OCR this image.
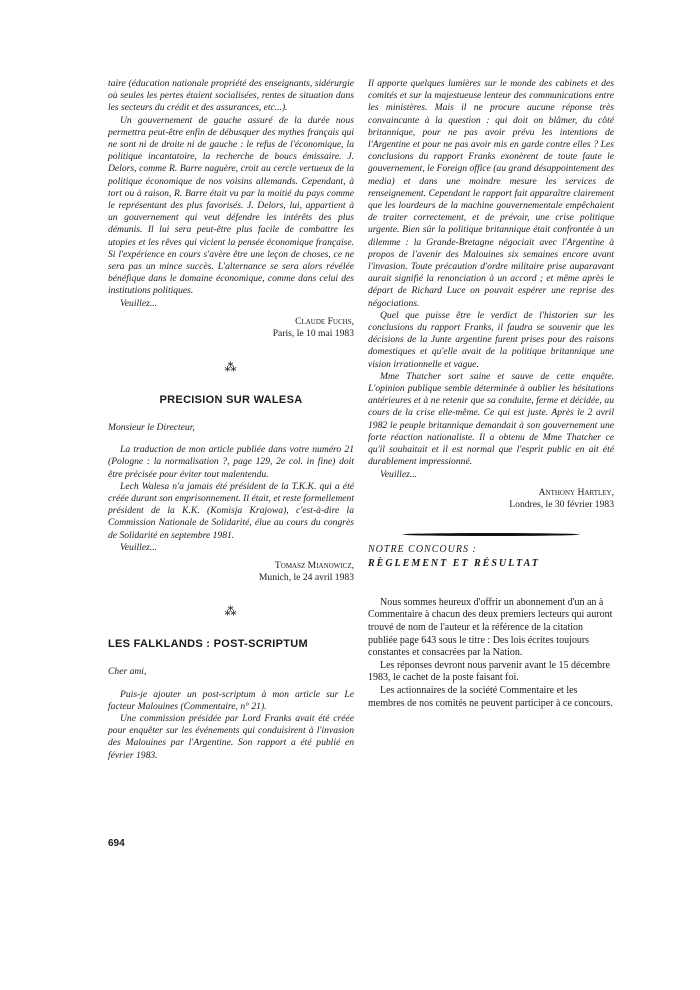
taire (éducation nationale propriété des enseignants, sidérurgie où seules les pertes étaient socialisées, rentes de situation dans les secteurs du crédit et des assurances, etc...).

Un gouvernement de gauche assuré de la durée nous permettra peut-être enfin de débusquer des mythes français qui ne sont ni de droite ni de gauche : le refus de l'économique, la politique incantatoire, la recherche de boucs émissaire. J. Delors, comme R. Barre naguère, croit au cercle vertueux de la politique économique de nos voisins allemands. Cependant, à tort ou à raison, R. Barre était vu par la moitié du pays comme le représentant des plus favorisés. J. Delors, lui, appartient à un gouvernement qui veut défendre les intérêts des plus démunis. Il lui sera peut-être plus facile de combattre les utopies et les rêves qui vicient la pensée économique française. Si l'expérience en cours s'avère être une leçon de choses, ce ne sera pas un mince succès. L'alternance se sera alors révélée bénéfique dans le domaine économique, comme dans celui des institutions politiques.

Veuillez...

Claude Fuchs,
Paris, le 10 mai 1983

⁂
PRECISION SUR WALESA

Monsieur le Directeur,

La traduction de mon article publiée dans votre numéro 21 (Pologne : la normalisation ?, page 129, 2e col. in fine) doit être précisée pour éviter tout malentendu.

Lech Walesa n'a jamais été président de la T.K.K. qui a été créée durant son emprisonnement. Il était, et reste formellement président de la K.K. (Komisja Krajowa), c'est-à-dire la Commission Nationale de Solidarité, élue au cours du congrès de Solidarité en septembre 1981.

Veuillez...

Tomasz Mianowicz,
Munich, le 24 avril 1983

⁂
LES FALKLANDS : POST-SCRIPTUM

Cher ami,

Puis-je ajouter un post-scriptum à mon article sur Le facteur Malouines (Commentaire, n° 21).

Une commission présidée par Lord Franks avait été créée pour enquêter sur les événements qui conduisirent à l'invasion des Malouines par l'Argentine. Son rapport a été publié en février 1983.

Il apporte quelques lumières sur le monde des cabinets et des comités et sur la majestueuse lenteur des communications entre les ministères. Mais il ne procure aucune réponse très convaincante à la question : qui doit on blâmer, du côté britannique, pour ne pas avoir prévu les intentions de l'Argentine et pour ne pas avoir mis en garde contre elles ? Les conclusions du rapport Franks exonèrent de toute faute le gouvernement, le Foreign office (au grand désappointement des media) et dans une moindre mesure les services de renseignement. Cependant le rapport fait apparaître clairement que les lourdeurs de la machine gouvernementale empêchaient de traiter correctement, et de prévoir, une crise politique urgente. Bien sûr la politique britannique était confrontée à un dilemme : la Grande-Bretagne négociait avec l'Argentine à propos de l'avenir des Malouines six semaines encore avant l'invasion. Toute précaution d'ordre militaire prise auparavant aurait signifié la renonciation à un accord ; et même après le départ de Richard Luce on pouvait espérer une reprise des négociations.

Quel que puisse être le verdict de l'historien sur les conclusions du rapport Franks, il faudra se souvenir que les décisions de la Junte argentine furent prises pour des raisons domestiques et qu'elle avait de la politique britannique une vision irrationnelle et vague.

Mme Thatcher sort saine et sauve de cette enquête. L'opinion publique semble déterminée à oublier les hésitations antérieures et à ne retenir que sa conduite, ferme et décidée, au cours de la crise elle-même. Ce qui est juste. Après le 2 avril 1982 le peuple britannique demandait à son gouvernement une forte réaction nationaliste. Il a obtenu de Mme Thatcher ce qu'il souhaitait et il est normal que l'esprit public en ait été durablement impressionné.

Veuillez...

Anthony Hartley,
Londres, le 30 février 1983

NOTRE CONCOURS :

RÈGLEMENT ET RÉSULTAT

Nous sommes heureux d'offrir un abonnement d'un an à Commentaire à chacun des deux premiers lecteurs qui auront trouvé de nom de l'auteur et la référence de la citation publiée page 643 sous le titre : Des lois écrites toujours constantes et consacrées par la Nation.

Les réponses devront nous parvenir avant le 15 décembre 1983, le cachet de la poste faisant foi.

Les actionnaires de la société Commentaire et les membres de nos comités ne peuvent participer à ce concours.

694
